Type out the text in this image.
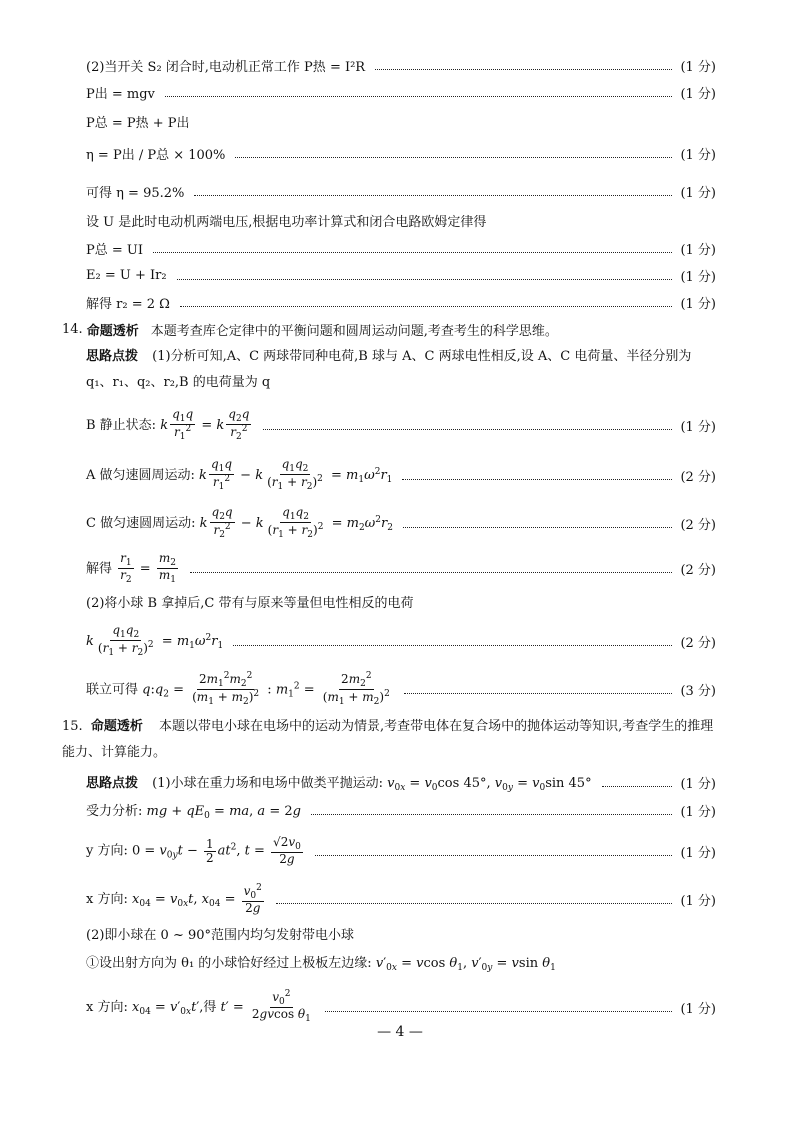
(2)当开关 S₂ 闭合时,电动机正常工作 P热 = I²R	(1 分)
P出 = mgv	(1 分)
P总 = P热 + P出
η = P出 / P总 × 100%	(1 分)
可得 η = 95.2%	(1 分)
设 U 是此时电动机两端电压,根据电功率计算式和闭合电路欧姆定律得
P总 = UI	(1 分)
E₂ = U + Ir₂	(1 分)
解得 r₂ = 2 Ω	(1 分)
14. 命题透析 本题考查库仑定律中的平衡问题和圆周运动问题,考查考生的科学思维。
思路点拨 (1)分析可知,A、C 两球带同种电荷,B 球与 A、C 两球电性相反,设 A、C 电荷量、半径分别为 q₁、r₁、q₂、r₂,B 的电荷量为 q
B 静止状态: k $\frac{q_1q}{r_1^2} = k \frac{q_2q}{r_2^2}$	(1 分)
A 做匀速圆周运动: k $\frac{q_1q}{r_1^2} - k \frac{q_1q_2}{(r_1 + r_2)^2} = m_1\omega^2r_1$	(2 分)
C 做匀速圆周运动: k $\frac{q_2q}{r_2^2} - k \frac{q_1q_2}{(r_1 + r_2)^2} = m_2\omega^2r_2$	(2 分)
解得 $\frac{r_1}{r_2} = \frac{m_2}{m_1}$	(2 分)
(2)将小球 B 拿掉后,C 带有与原来等量但电性相反的电荷
k $\frac{q_1q_2}{(r_1 + r_2)^2} = m_1\omega^2r_1$	(2 分)
联立可得 $q:q_2 = \frac{2m_1^2m_2^2}{(m_1 + m_2)^2}$ : $m_1^2 = \frac{2m_2^2}{(m_1 + m_2)^2}$	(3 分)
15. 命题透析 本题以带电小球在电场中的运动为情景,考查带电体在复合场中的抛体运动等知识,考查学生的推理能力、计算能力。
思路点拨 (1)小球在重力场和电场中做类平抛运动: $v_{0x} = v_0\cos$ 45°, $v_{0y} = v_0\sin$ 45°	(1 分)
受力分析: mg + $qE_0$ = ma, a = 2g	(1 分)
y 方向: $0 = v_{0y}t - \frac{1}{2} at^2$, $t = \frac{√2v_0}{2g}$	(1 分)
x 方向: $x_{04} = v_{0x}t$, $x_{04} = \frac{v_0^2}{2g}$	(1 分)
(2)即小球在 0 ~ 90°范围内均匀发射带电小球
①设出射方向为 θ₁ 的小球恰好经过上极板左边缘: $v'_{0x} = vcos$ $\theta_1$, $v'_{0y} = vsin$ $\theta_1$
x 方向: $x_{04} = v'_{0x}t'$,得 $t' = \frac{v_0^2}{2gvcos \theta_1}$	(1 分)
— 4 —
